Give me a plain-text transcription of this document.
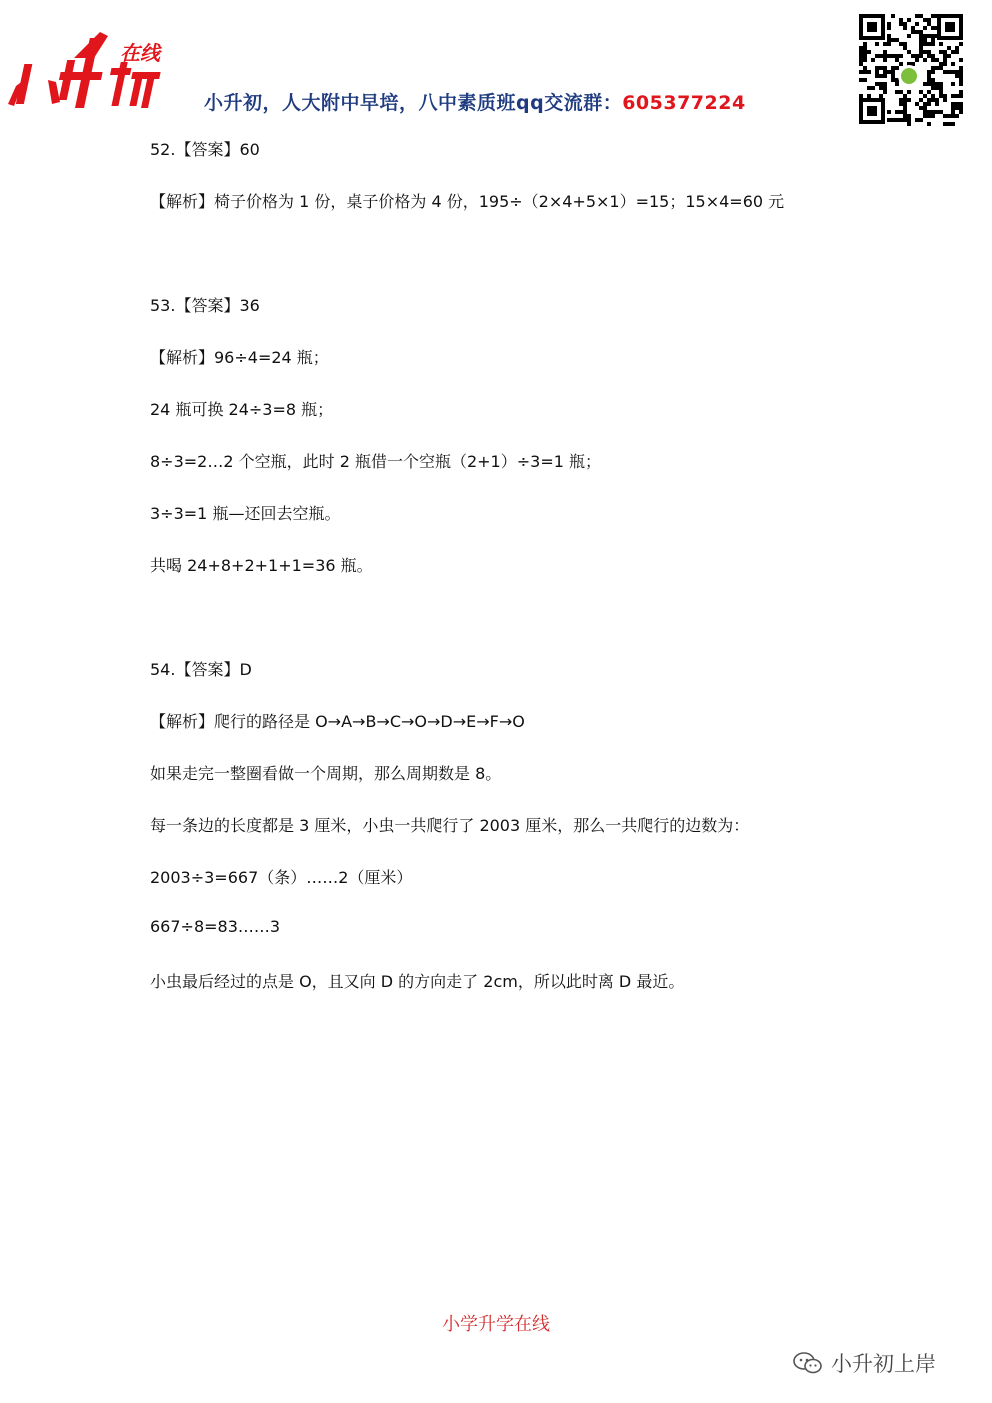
在线
小升初，人大附中早培，八中素质班qq交流群：605377224
52.【答案】60
【解析】椅子价格为 1 份，桌子价格为 4 份，195÷（2×4+5×1）=15；15×4=60 元
53.【答案】36
【解析】96÷4=24 瓶；
24 瓶可换 24÷3=8 瓶；
8÷3=2…2 个空瓶，此时 2 瓶借一个空瓶（2+1）÷3=1 瓶；
3÷3=1 瓶—还回去空瓶。
共喝 24+8+2+1+1=36 瓶。
54.【答案】D
【解析】爬行的路径是 O→A→B→C→O→D→E→F→O
如果走完一整圈看做一个周期，那么周期数是 8。
每一条边的长度都是 3 厘米，小虫一共爬行了 2003 厘米，那么一共爬行的边数为：
2003÷3=667（条）……2（厘米）
667÷8=83……3
小虫最后经过的点是 O，且又向 D 的方向走了 2cm，所以此时离 D 最近。
小学升学在线
小升初上岸
